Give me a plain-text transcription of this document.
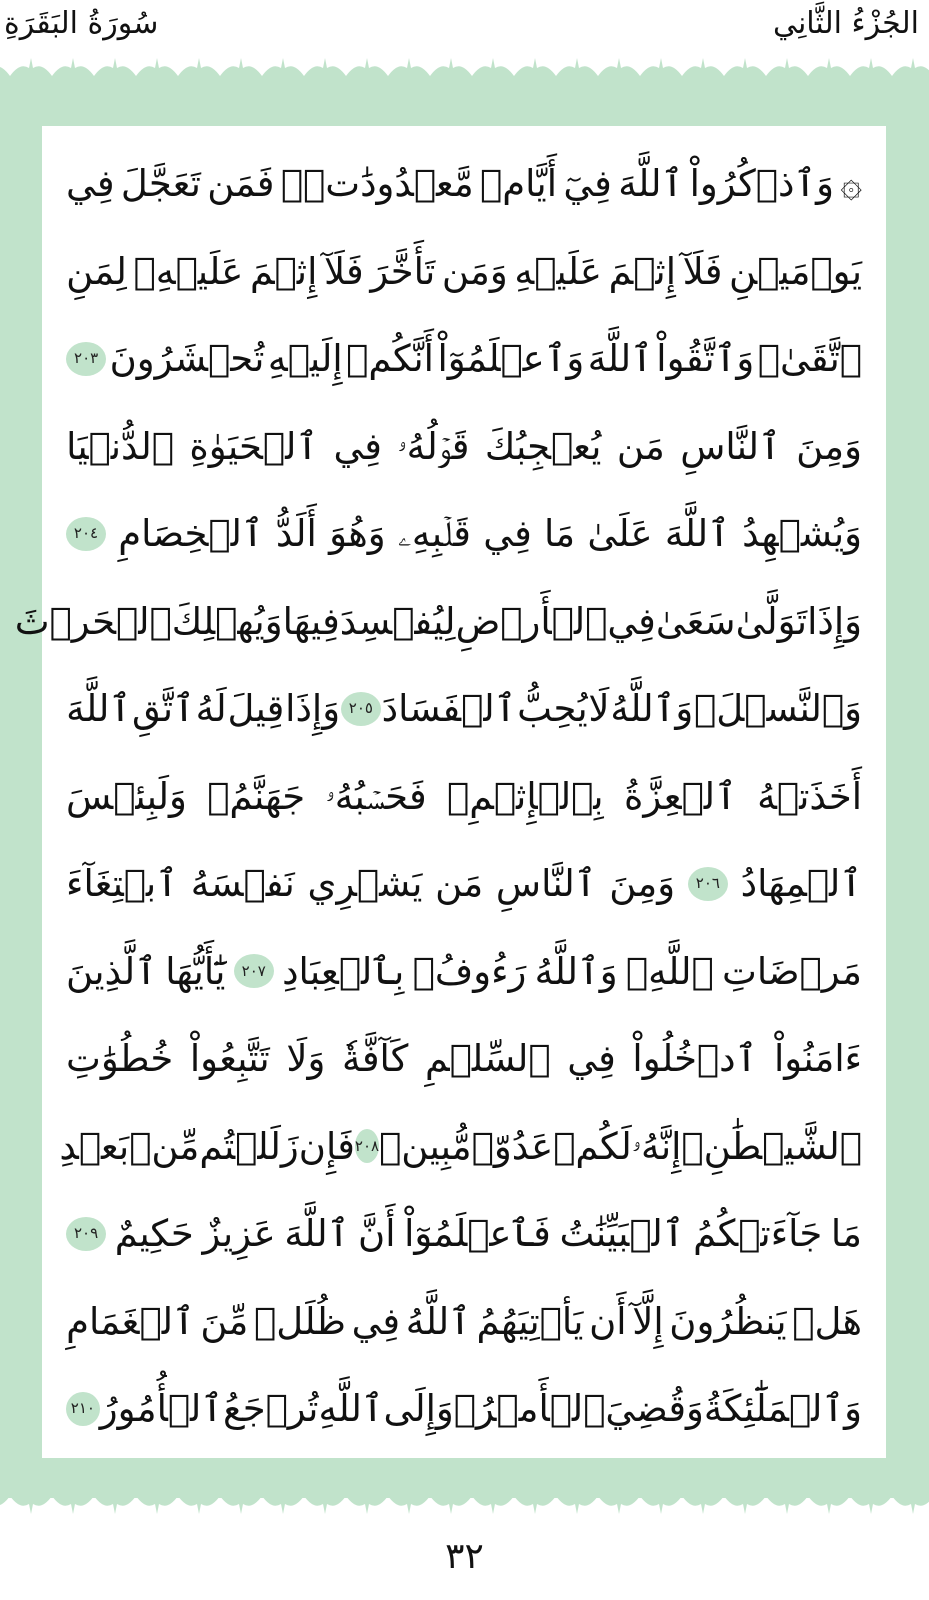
الجُزْءُ الثَّانِي
سُورَةُ البَقَرَةِ
۞
وَٱذۡكُرُواْ
ٱللَّهَ
فِيٓ
أَيَّامٖ
مَّعۡدُودَٰتٖۚ
فَمَن
تَعَجَّلَ
فِي
يَوۡمَيۡنِ
فَلَآ
إِثۡمَ
عَلَيۡهِ
وَمَن
تَأَخَّرَ
فَلَآ
إِثۡمَ
عَلَيۡهِۖ
لِمَنِ
ٱتَّقَىٰۗ
وَٱتَّقُواْ
ٱللَّهَ
وَٱعۡلَمُوٓاْ
أَنَّكُمۡ
إِلَيۡهِ
تُحۡشَرُونَ
٢٠٣
وَمِنَ
ٱلنَّاسِ
مَن
يُعۡجِبُكَ
قَوۡلُهُۥ
فِي
ٱلۡحَيَوٰةِ
ٱلدُّنۡيَا
وَيُشۡهِدُ
ٱللَّهَ
عَلَىٰ
مَا
فِي
قَلۡبِهِۦ
وَهُوَ
أَلَدُّ
ٱلۡخِصَامِ
٢٠٤
وَإِذَا
تَوَلَّىٰ
سَعَىٰ
فِي
ٱلۡأَرۡضِ
لِيُفۡسِدَ
فِيهَا
وَيُهۡلِكَ
ٱلۡحَرۡثَ
وَٱلنَّسۡلَۚ
وَٱللَّهُ
لَا
يُحِبُّ
ٱلۡفَسَادَ
٢٠٥
وَإِذَا
قِيلَ
لَهُ
ٱتَّقِ
ٱللَّهَ
أَخَذَتۡهُ
ٱلۡعِزَّةُ
بِٱلۡإِثۡمِۚ
فَحَسۡبُهُۥ
جَهَنَّمُۖ
وَلَبِئۡسَ
ٱلۡمِهَادُ
٢٠٦
وَمِنَ
ٱلنَّاسِ
مَن
يَشۡرِي
نَفۡسَهُ
ٱبۡتِغَآءَ
مَرۡضَاتِ
ٱللَّهِۚ
وَٱللَّهُ
رَءُوفُۢ
بِٱلۡعِبَادِ
٢٠٧
يَٰٓأَيُّهَا
ٱلَّذِينَ
ءَامَنُواْ
ٱدۡخُلُواْ
فِي
ٱلسِّلۡمِ
كَآفَّةٗ
وَلَا
تَتَّبِعُواْ
خُطُوَٰتِ
ٱلشَّيۡطَٰنِۚ
إِنَّهُۥ
لَكُمۡ
عَدُوّٞ
مُّبِينٞ
٢٠٨
فَإِن
زَلَلۡتُم
مِّنۢ
بَعۡدِ
مَا
جَآءَتۡكُمُ
ٱلۡبَيِّنَٰتُ
فَٱعۡلَمُوٓاْ
أَنَّ
ٱللَّهَ
عَزِيزٌ
حَكِيمٌ
٢٠٩
هَلۡ
يَنظُرُونَ
إِلَّآ
أَن
يَأۡتِيَهُمُ
ٱللَّهُ
فِي
ظُلَلٖ
مِّنَ
ٱلۡغَمَامِ
وَٱلۡمَلَٰٓئِكَةُ
وَقُضِيَ
ٱلۡأَمۡرُۚ
وَإِلَى
ٱللَّهِ
تُرۡجَعُ
ٱلۡأُمُورُ
٢١٠
٣٢
